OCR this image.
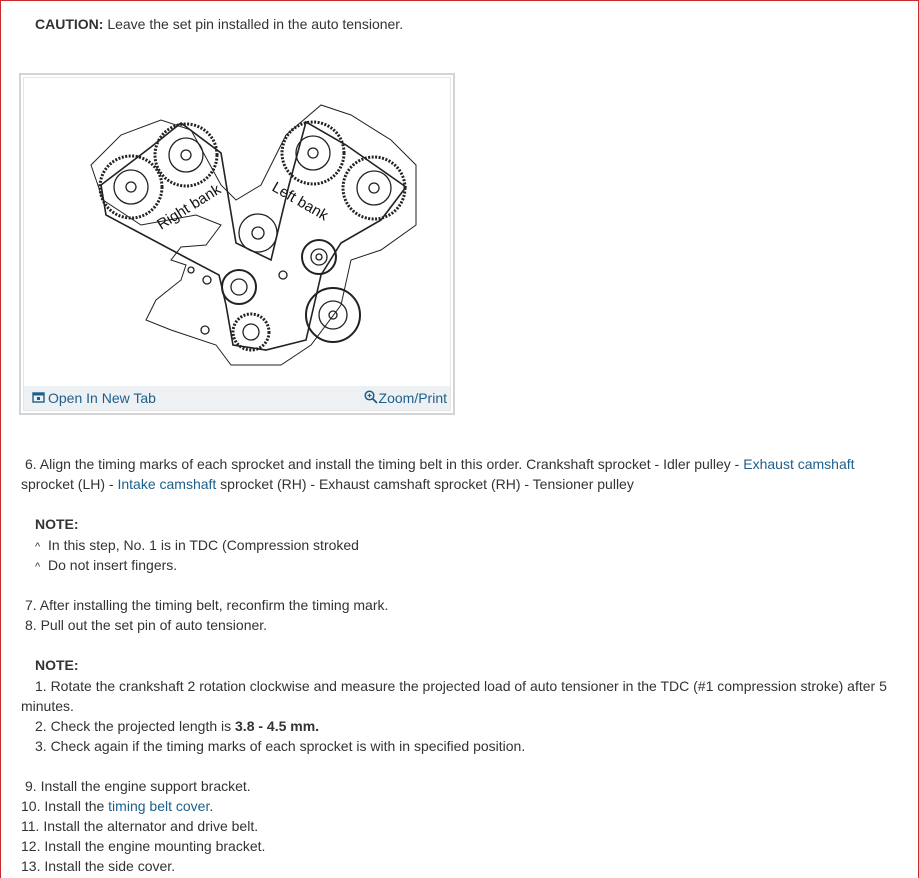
CAUTION: Leave the set pin installed in the auto tensioner.
Right bank	Left bank
Open In New Tab	Zoom/Print
6. Align the timing marks of each sprocket and install the timing belt in this order. Crankshaft sprocket - Idler pulley - Exhaust camshaft
sprocket (LH) - Intake camshaft sprocket (RH) - Exhaust camshaft sprocket (RH) - Tensioner pulley
NOTE:
^ In this step, No. 1 is in TDC (Compression stroked
^ Do not insert fingers.
7. After installing the timing belt, reconfirm the timing mark.
8. Pull out the set pin of auto tensioner.
NOTE:
1. Rotate the crankshaft 2 rotation clockwise and measure the projected load of auto tensioner in the TDC (#1 compression stroke) after 5
minutes.
2. Check the projected length is 3.8 - 4.5 mm.
3. Check again if the timing marks of each sprocket is with in specified position.
9. Install the engine support bracket.
10. Install the timing belt cover.
11. Install the alternator and drive belt.
12. Install the engine mounting bracket.
13. Install the side cover.
